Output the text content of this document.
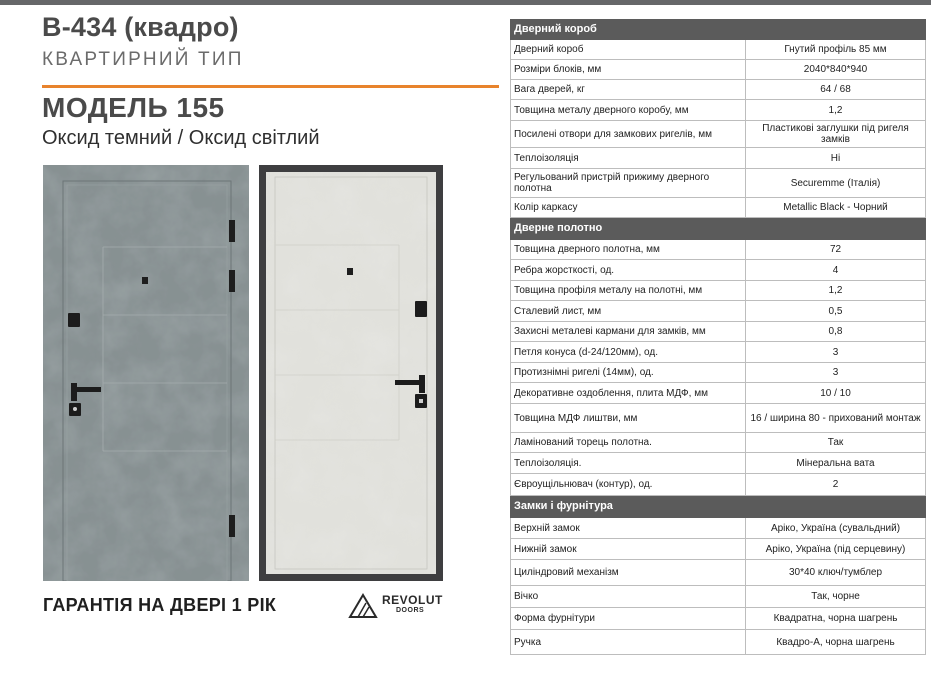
В-434 (квадро)
КВАРТИРНИЙ ТИП
МОДЕЛЬ 155
Оксид темний / Оксид світлий
ГАРАНТІЯ НА ДВЕРІ 1 РІК	REVOLUT
DOORS
Дверний короб	
Дверний короб	Гнутий профіль 85 мм
Розміри блоків, мм	2040*840*940
Вага дверей, кг	64 / 68
Товщина металу дверного коробу, мм	1,2
Посилені отвори для замкових ригелів, мм	Пластикові заглушки під ригеля замків
Теплоізоляція	Ні
Регульований пристрій прижиму дверного полотна	Securemme (Італія)
Колір каркасу	Metallic Black - Чорний
Дверне полотно	
Товщина дверного полотна, мм	72
Ребра жорсткості, од.	4
Товщина профіля металу на полотні, мм	1,2
Сталевий лист, мм	0,5
Захисні металеві кармани для замків, мм	0,8
Петля конуса (d-24/120мм), од.	3
Протизнімні ригелі (14мм), од.	3
Декоративне оздоблення, плита МДФ, мм	10 / 10
Товщина МДФ лиштви, мм	16 / ширина 80 - прихований монтаж
Ламінований торець полотна.	Так
Теплоізоляція.	Мінеральна вата
Євроущільнювач (контур), од.	2
Замки і фурнітура	
Верхній замок	Аріко, Україна (сувальдний)
Нижній замок	Аріко, Україна (під серцевину)
Циліндровий механізм	30*40 ключ/тумблер
Вічко	Так, чорне
Форма фурнітури	Квадратна, чорна шагрень
Ручка	Квадро-А, чорна шагрень
